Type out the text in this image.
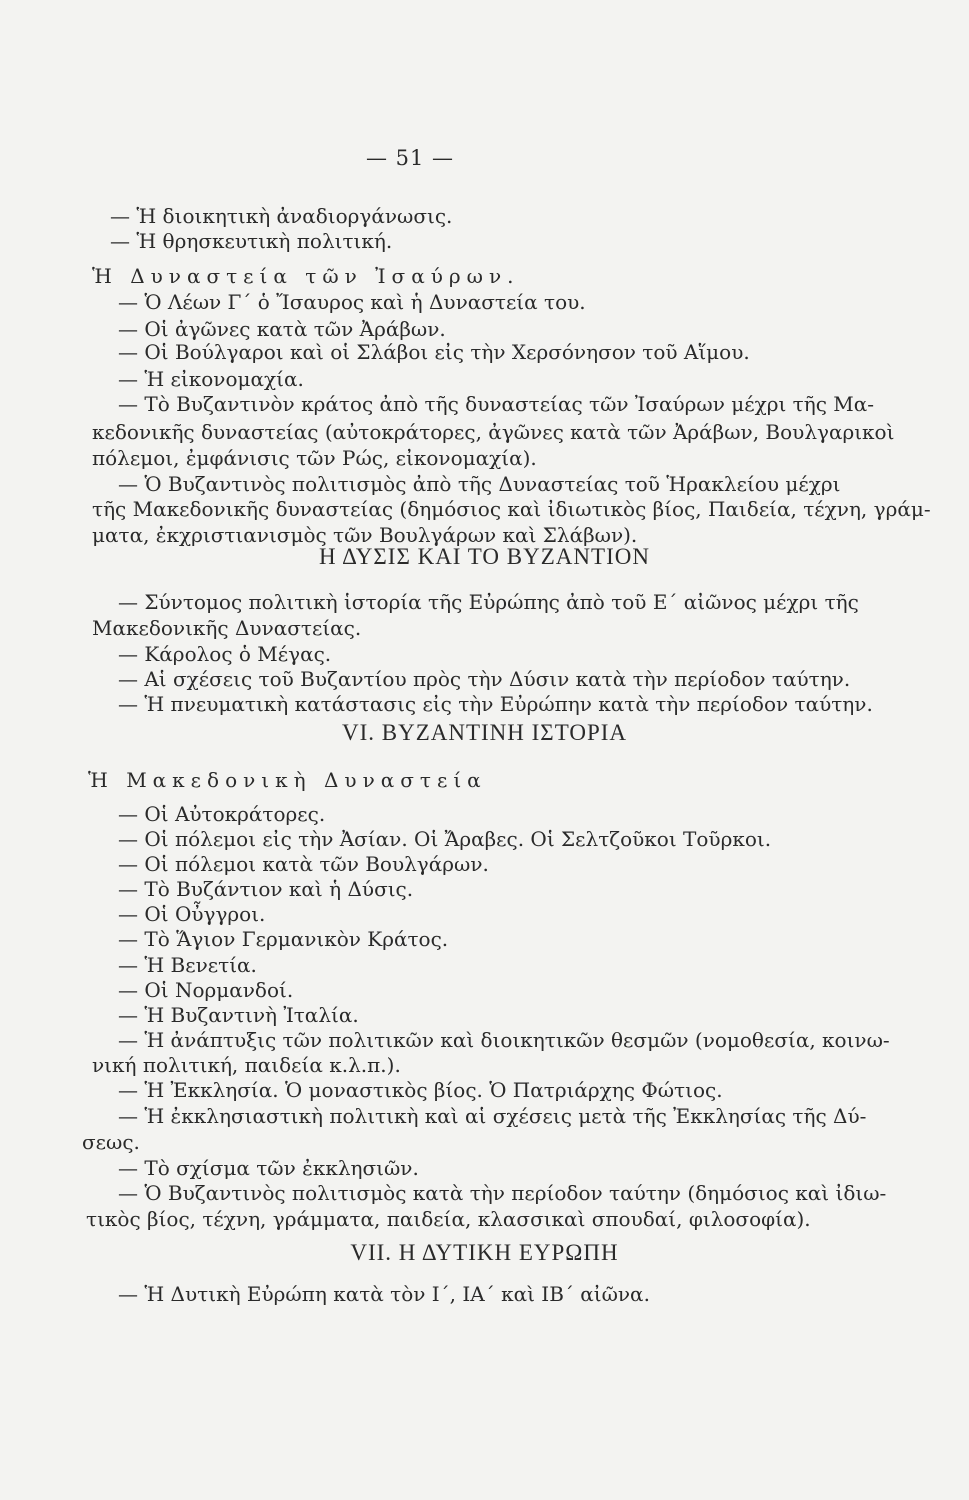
— 51 —
— Ἡ διοικητικὴ ἀναδιοργάνωσις.
— Ἡ θρησκευτικὴ πολιτική.
Ἡ Δυναστεία τῶν Ἰσαύρων.
— Ὁ Λέων Γ΄ ὁ Ἴσαυρος καὶ ἡ Δυναστεία του.
— Οἱ ἀγῶνες κατὰ τῶν Ἀράβων.
— Οἱ Βούλγαροι καὶ οἱ Σλάβοι εἰς τὴν Χερσόνησον τοῦ Αἵμου.
— Ἡ εἰκονομαχία.
— Τὸ Βυζαντινὸν κράτος ἀπὸ τῆς δυναστείας τῶν Ἰσαύρων μέχρι τῆς Μα-
κεδονικῆς δυναστείας (αὐτοκράτορες, ἀγῶνες κατὰ τῶν Ἀράβων, Βουλγαρικοὶ
πόλεμοι, ἐμφάνισις τῶν Ρώς, εἰκονομαχία).
— Ὁ Βυζαντινὸς πολιτισμὸς ἀπὸ τῆς Δυναστείας τοῦ Ἡρακλείου μέχρι
τῆς Μακεδονικῆς δυναστείας (δημόσιος καὶ ἰδιωτικὸς βίος, Παιδεία, τέχνη, γράμ-
ματα, ἐκχριστιανισμὸς τῶν Βουλγάρων καὶ Σλάβων).
Η ΔΥΣΙΣ ΚΑΙ ΤΟ ΒΥΖΑΝΤΙΟΝ
— Σύντομος πολιτικὴ ἱστορία τῆς Εὐρώπης ἀπὸ τοῦ Ε΄ αἰῶνος μέχρι τῆς
Μακεδονικῆς Δυναστείας.
— Κάρολος ὁ Μέγας.
— Αἱ σχέσεις τοῦ Βυζαντίου πρὸς τὴν Δύσιν κατὰ τὴν περίοδον ταύτην.
— Ἡ πνευματικὴ κατάστασις εἰς τὴν Εὐρώπην κατὰ τὴν περίοδον ταύτην.
VI. ΒΥΖΑΝΤΙΝΗ ΙΣΤΟΡΙΑ
Ἡ Μακεδονικὴ Δυναστεία
— Οἱ Αὐτοκράτορες.
— Οἱ πόλεμοι εἰς τὴν Ἀσίαν. Οἱ Ἄραβες. Οἱ Σελτζοῦκοι Τοῦρκοι.
— Οἱ πόλεμοι κατὰ τῶν Βουλγάρων.
— Τὸ Βυζάντιον καὶ ἡ Δύσις.
— Οἱ Οὖγγροι.
— Τὸ Ἅγιον Γερμανικὸν Κράτος.
— Ἡ Βενετία.
— Οἱ Νορμανδοί.
— Ἡ Βυζαντινὴ Ἰταλία.
— Ἡ ἀνάπτυξις τῶν πολιτικῶν καὶ διοικητικῶν θεσμῶν (νομοθεσία, κοινω-
νική πολιτική, παιδεία κ.λ.π.).
— Ἡ Ἐκκλησία. Ὁ μοναστικὸς βίος. Ὁ Πατριάρχης Φώτιος.
— Ἡ ἐκκλησιαστικὴ πολιτικὴ καὶ αἱ σχέσεις μετὰ τῆς Ἐκκλησίας τῆς Δύ-
σεως.
— Τὸ σχίσμα τῶν ἐκκλησιῶν.
— Ὁ Βυζαντινὸς πολιτισμὸς κατὰ τὴν περίοδον ταύτην (δημόσιος καὶ ἰδιω-
τικὸς βίος, τέχνη, γράμματα, παιδεία, κλασσικαὶ σπουδαί, φιλοσοφία).
VII. Η ΔΥΤΙΚΗ ΕΥΡΩΠΗ
— Ἡ Δυτικὴ Εὐρώπη κατὰ τὸν Ι΄, ΙΑ΄ καὶ ΙΒ΄ αἰῶνα.
